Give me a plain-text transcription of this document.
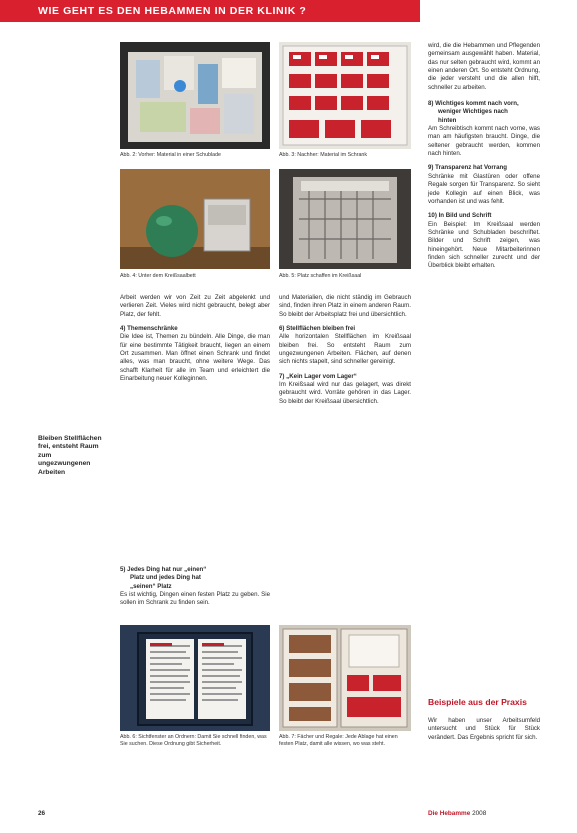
WIE GEHT ES DEN HEBAMMEN IN DER KLINIK ?
Abb. 2: Vorher: Material in einer Schublade	Abb. 3: Nachher: Material im Schrank
Abb. 4: Unter dem Kreißsaalbett	Abb. 5: Platz schaffen im Kreißsaal

Arbeit werden wir von Zeit zu Zeit abgelenkt und verlieren Zeit. Vieles wird nicht gebraucht, belegt aber Platz, der fehlt.

4) Themenschränke

Die Idee ist, Themen zu bündeln. Alle Dinge, die man für eine bestimmte Tätigkeit braucht, liegen an einem Ort zusammen. Man öffnet einen Schrank und findet alles, was man braucht, ohne weitere Wege. Das schafft Klarheit für alle im Team und erleichtert die Einarbeitung neuer Kolleginnen.

5) Jedes Ding hat nur „einen“

Platz und jedes Ding hat

„seinen“ Platz

Es ist wichtig, Dingen einen festen Platz zu geben. Sie sollen im Schrank zu finden sein.

Bleiben Stellflächen frei, entsteht Raum zum ungezwungenen Arbeiten

und Materialien, die nicht ständig im Gebrauch sind, finden ihren Platz in einem anderen Raum. So bleibt der Arbeitsplatz frei und übersichtlich.

6) Stellflächen bleiben frei

Alle horizontalen Stellflächen im Kreißsaal bleiben frei. So entsteht Raum zum ungezwungenen Arbeiten. Flächen, auf denen sich nichts stapelt, sind schneller gereinigt.

7) „Kein Lager vom Lager“

Im Kreißsaal wird nur das gelagert, was direkt gebraucht wird. Vorräte gehören in das Lager. So bleibt der Kreißsaal übersichtlich.

Abb. 6: Sichtfenster an Ordnern: Damit Sie schnell finden, was Sie suchen. Diese Ordnung gibt Sicherheit.
Abb. 7: Fächer und Regale: Jede Ablage hat einen festen Platz, damit alle wissen, wo was steht.

wird, die die Hebammen und Pflegenden gemeinsam ausgewählt haben. Material, das nur selten gebraucht wird, kommt an einen anderen Ort. So entsteht Ordnung, die jeder versteht und die allen hilft, schneller zu arbeiten.

8) Wichtiges kommt nach vorn,

weniger Wichtiges nach

hinten

Am Schreibtisch kommt nach vorne, was man am häufigsten braucht. Dinge, die seltener gebraucht werden, kommen nach hinten.

9) Transparenz hat Vorrang

Schränke mit Glastüren oder offene Regale sorgen für Transparenz. So sieht jede Kollegin auf einen Blick, was vorhanden ist und was fehlt.

10) In Bild und Schrift

Ein Beispiel: Im Kreißsaal werden Schränke und Schubladen beschriftet. Bilder und Schrift zeigen, was hineingehört. Neue Mitarbeiterinnen finden sich schneller zurecht und der Überblick bleibt erhalten.

Beispiele aus der Praxis

Wir haben unser Arbeitsumfeld untersucht und Stück für Stück verändert. Das Ergebnis spricht für sich.

26	Die Hebamme 2008
